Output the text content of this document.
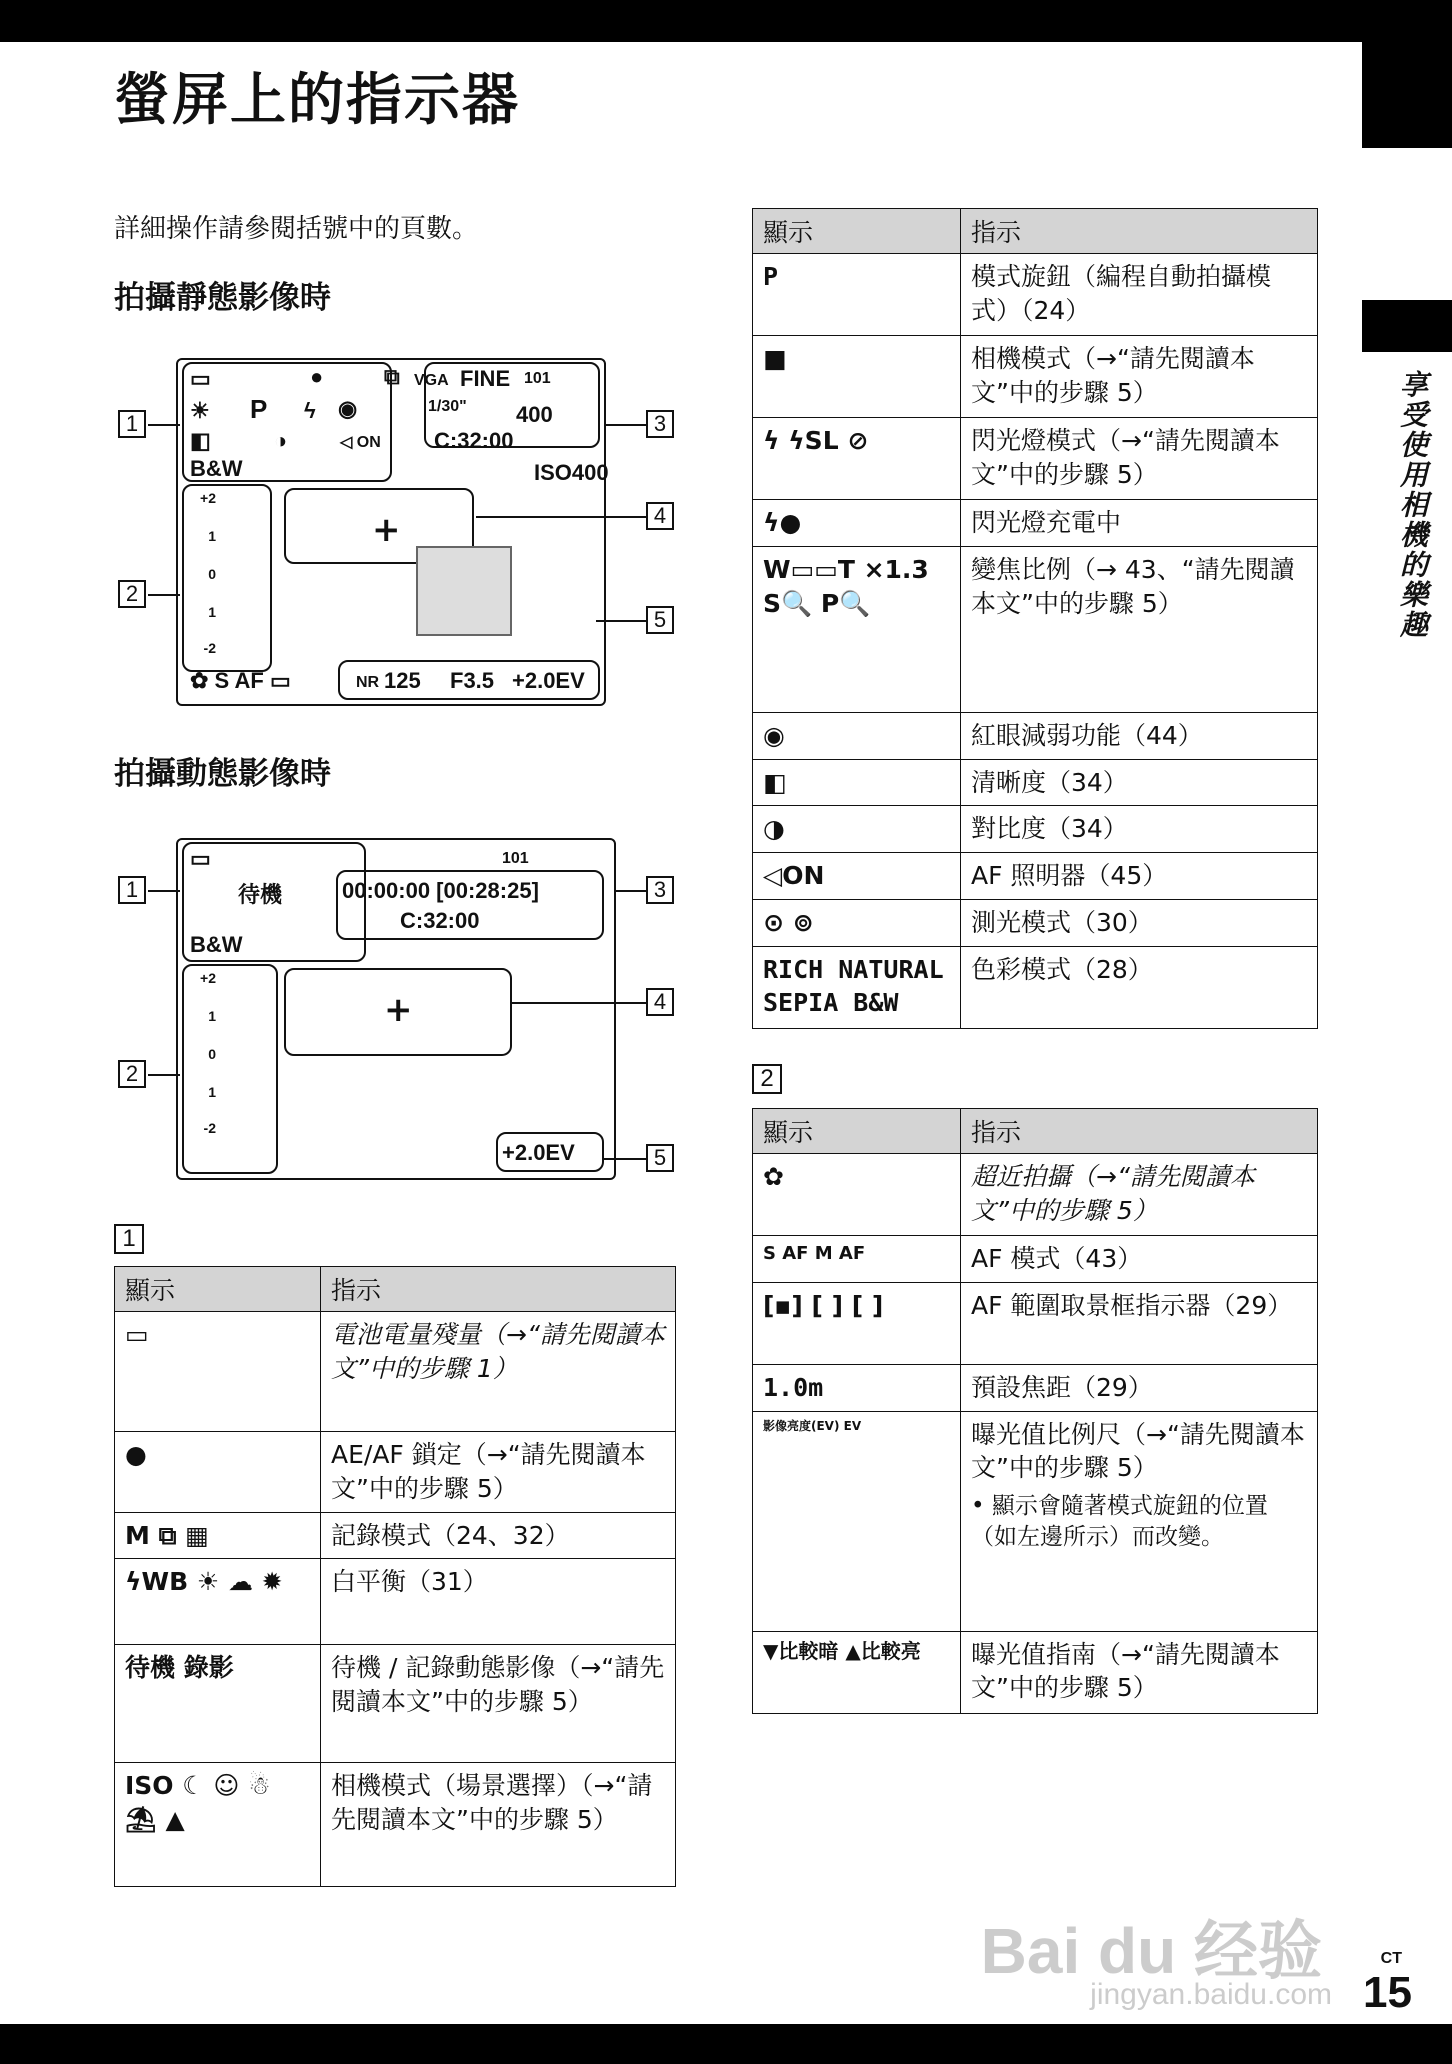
享受使用相機的樂趣
螢屏上的指示器
詳細操作請參閱括號中的頁數。
拍攝靜態影像時
▭	●	⧉ VGA FINE 101
☀ P ϟ ◉	1/30" 400
◧	◑	◁ ON C:32:00
B&W	ISO400
+2
1
0
1
-2
+
✿ S AF ▭	NR 125 F3.5 +2.0EV
1
2
3
4
5
拍攝動態影像時
▭	101
待機	00:00:00 [00:28:25]
C:32:00
B&W
+2
1
0
1
-2
+
+2.0EV
1
2
3
4
5
1
顯示	指示
▭	電池電量殘量（→“請先閱讀本文”中的步驟 1）
●	AE/AF 鎖定（→“請先閱讀本文”中的步驟 5）
M ⧉ ▦	記錄模式（24、32）
ϟWB ☀ ☁ ✹	白平衡（31）
待機 錄影	待機 / 記錄動態影像（→“請先閱讀本文”中的步驟 5）
ISO ☾ ☺ ☃ ⛱ ▲	相機模式（場景選擇）（→“請先閱讀本文”中的步驟 5）
顯示	指示
P	模式旋鈕（編程自動拍攝模式）（24）
■	相機模式（→“請先閱讀本文”中的步驟 5）
ϟ ϟSL ⊘	閃光燈模式（→“請先閱讀本文”中的步驟 5）
ϟ●	閃光燈充電中
W▭▭T ×1.3 S🔍 P🔍	變焦比例（→ 43、“請先閱讀本文”中的步驟 5）
◉	紅眼減弱功能（44）
◧	清晰度（34）
◑	對比度（34）
◁ON	AF 照明器（45）
⊙ ⊚	測光模式（30）
RICH NATURAL SEPIA B&W	色彩模式（28）
2
顯示	指示
✿	超近拍攝（→“請先閱讀本文”中的步驟 5）
S AF M AF	AF 模式（43）
[▪] [ ] [ ]	AF 範圍取景框指示器（29）
1.0m	預設焦距（29）
影像亮度(EV) EV	曝光值比例尺（→“請先閱讀本文”中的步驟 5）
• 顯示會隨著模式旋鈕的位置（如左邊所示）而改變。

▼比較暗 ▲比較亮	曝光值指南（→“請先閱讀本文”中的步驟 5）
Bai du 经验
jingyan.baidu.com
CT
15
